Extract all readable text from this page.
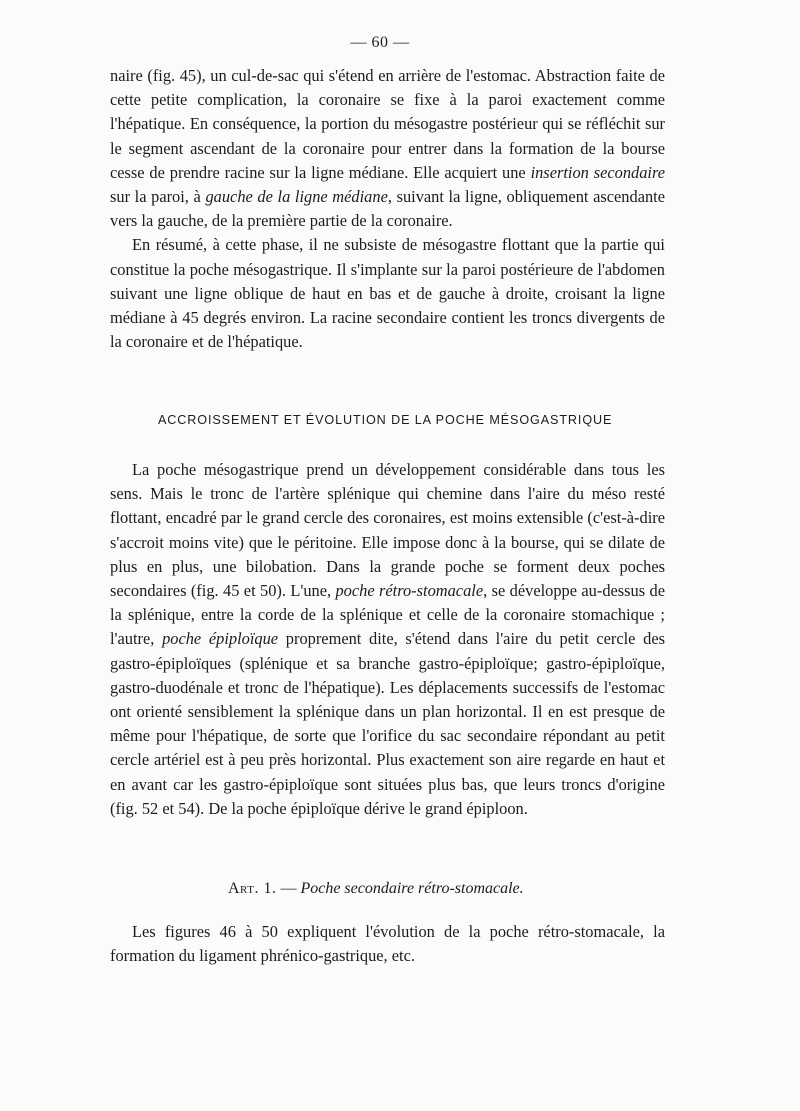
— 60 —

naire (fig. 45), un cul-de-sac qui s'étend en arrière de l'estomac. Abstraction faite de cette petite complication, la coronaire se fixe à la paroi exactement comme l'hépatique. En conséquence, la portion du mésogastre postérieur qui se réfléchit sur le segment ascendant de la coronaire pour entrer dans la formation de la bourse cesse de prendre racine sur la ligne médiane. Elle acquiert une insertion secondaire sur la paroi, à gauche de la ligne médiane, suivant la ligne, obliquement ascendante vers la gauche, de la première partie de la coronaire.

En résumé, à cette phase, il ne subsiste de mésogastre flottant que la partie qui constitue la poche mésogastrique. Il s'implante sur la paroi postérieure de l'abdomen suivant une ligne oblique de haut en bas et de gauche à droite, croisant la ligne médiane à 45 degrés environ. La racine secondaire contient les troncs divergents de la coronaire et de l'hépatique.

ACCROISSEMENT ET ÉVOLUTION DE LA POCHE MÉSOGASTRIQUE

La poche mésogastrique prend un développement considérable dans tous les sens. Mais le tronc de l'artère splénique qui chemine dans l'aire du méso resté flottant, encadré par le grand cercle des coronaires, est moins extensible (c'est-à-dire s'accroit moins vite) que le péritoine. Elle impose donc à la bourse, qui se dilate de plus en plus, une bilobation. Dans la grande poche se forment deux poches secondaires (fig. 45 et 50). L'une, poche rétro-stomacale, se développe au-dessus de la splénique, entre la corde de la splénique et celle de la coronaire stomachique ; l'autre, poche épiploïque proprement dite, s'étend dans l'aire du petit cercle des gastro-épiploïques (splénique et sa branche gastro-épiploïque; gastro-épiploïque, gastro-duodénale et tronc de l'hépatique). Les déplacements successifs de l'estomac ont orienté sensiblement la splénique dans un plan horizontal. Il en est presque de même pour l'hépatique, de sorte que l'orifice du sac secondaire répondant au petit cercle artériel est à peu près horizontal. Plus exactement son aire regarde en haut et en avant car les gastro-épiploïque sont situées plus bas, que leurs troncs d'origine (fig. 52 et 54). De la poche épiploïque dérive le grand épiploon.

Art. 1. — Poche secondaire rétro-stomacale.

Les figures 46 à 50 expliquent l'évolution de la poche rétro-stomacale, la formation du ligament phrénico-gastrique, etc.
